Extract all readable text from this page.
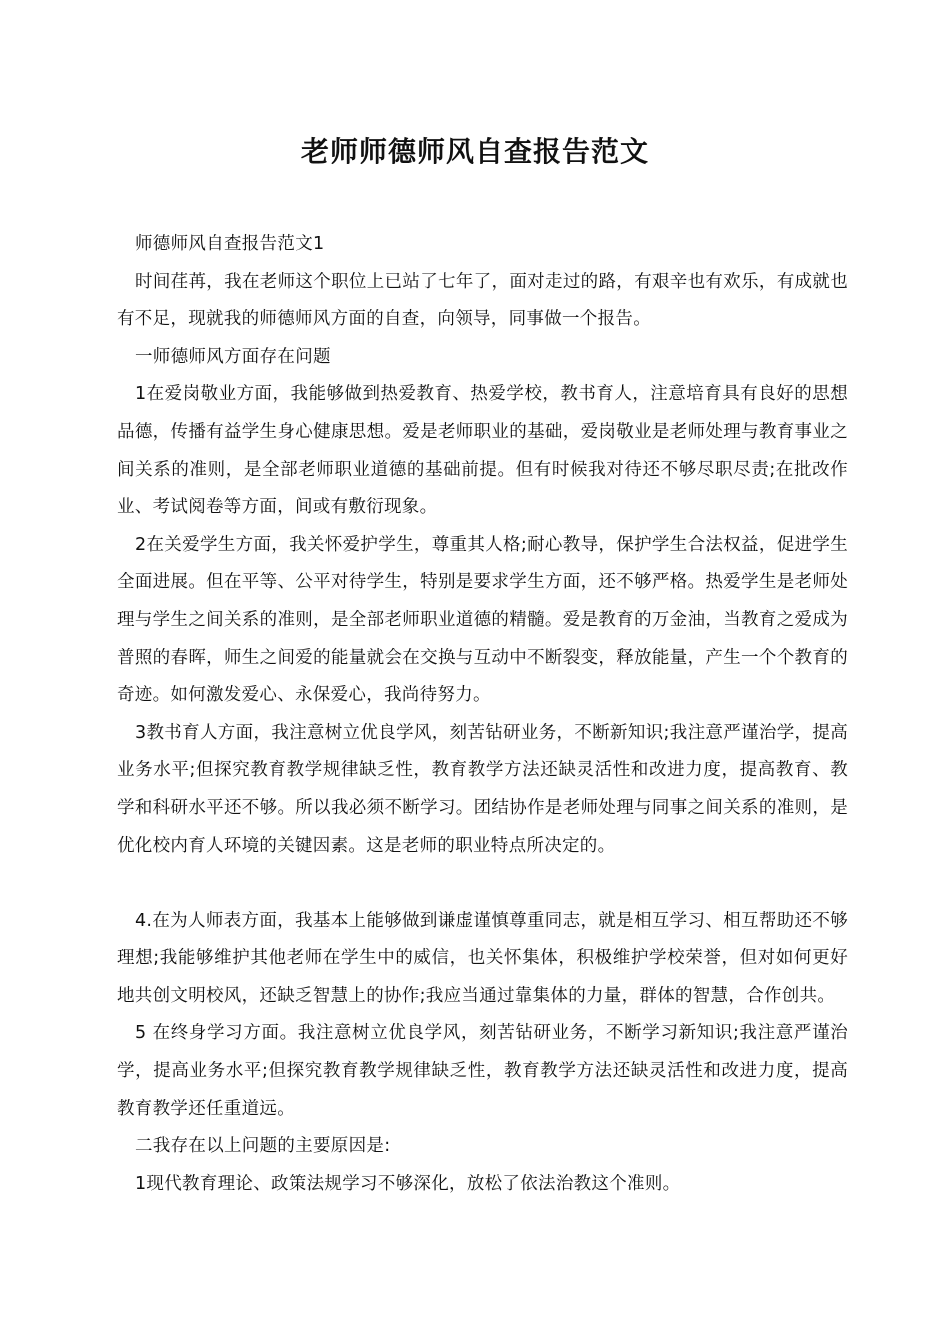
老师师德师风自查报告范文

师德师风自查报告范文1

时间荏苒，我在老师这个职位上已站了七年了，面对走过的路，有艰辛也有欢乐，有成就也有不足，现就我的师德师风方面的自查，向领导，同事做一个报告。

一师德师风方面存在问题

1在爱岗敬业方面，我能够做到热爱教育、热爱学校，教书育人，注意培育具有良好的思想品德，传播有益学生身心健康思想。爱是老师职业的基础，爱岗敬业是老师处理与教育事业之间关系的准则，是全部老师职业道德的基础前提。但有时候我对待还不够尽职尽责;在批改作业、考试阅卷等方面，间或有敷衍现象。

2在关爱学生方面，我关怀爱护学生，尊重其人格;耐心教导，保护学生合法权益，促进学生全面进展。但在平等、公平对待学生，特别是要求学生方面，还不够严格。热爱学生是老师处理与学生之间关系的准则，是全部老师职业道德的精髓。爱是教育的万金油，当教育之爱成为普照的春晖，师生之间爱的能量就会在交换与互动中不断裂变，释放能量，产生一个个教育的奇迹。如何激发爱心、永保爱心，我尚待努力。

3教书育人方面，我注意树立优良学风，刻苦钻研业务，不断新知识;我注意严谨治学，提高业务水平;但探究教育教学规律缺乏性，教育教学方法还缺灵活性和改进力度，提高教育、教学和科研水平还不够。所以我必须不断学习。团结协作是老师处理与同事之间关系的准则，是优化校内育人环境的关键因素。这是老师的职业特点所决定的。

4.在为人师表方面，我基本上能够做到谦虚谨慎尊重同志，就是相互学习、相互帮助还不够理想;我能够维护其他老师在学生中的威信，也关怀集体，积极维护学校荣誉，但对如何更好地共创文明校风，还缺乏智慧上的协作;我应当通过靠集体的力量，群体的智慧，合作创共。

5 在终身学习方面。我注意树立优良学风，刻苦钻研业务，不断学习新知识;我注意严谨治学，提高业务水平;但探究教育教学规律缺乏性，教育教学方法还缺灵活性和改进力度，提高教育教学还任重道远。

二我存在以上问题的主要原因是:

1现代教育理论、政策法规学习不够深化，放松了依法治教这个准则。
